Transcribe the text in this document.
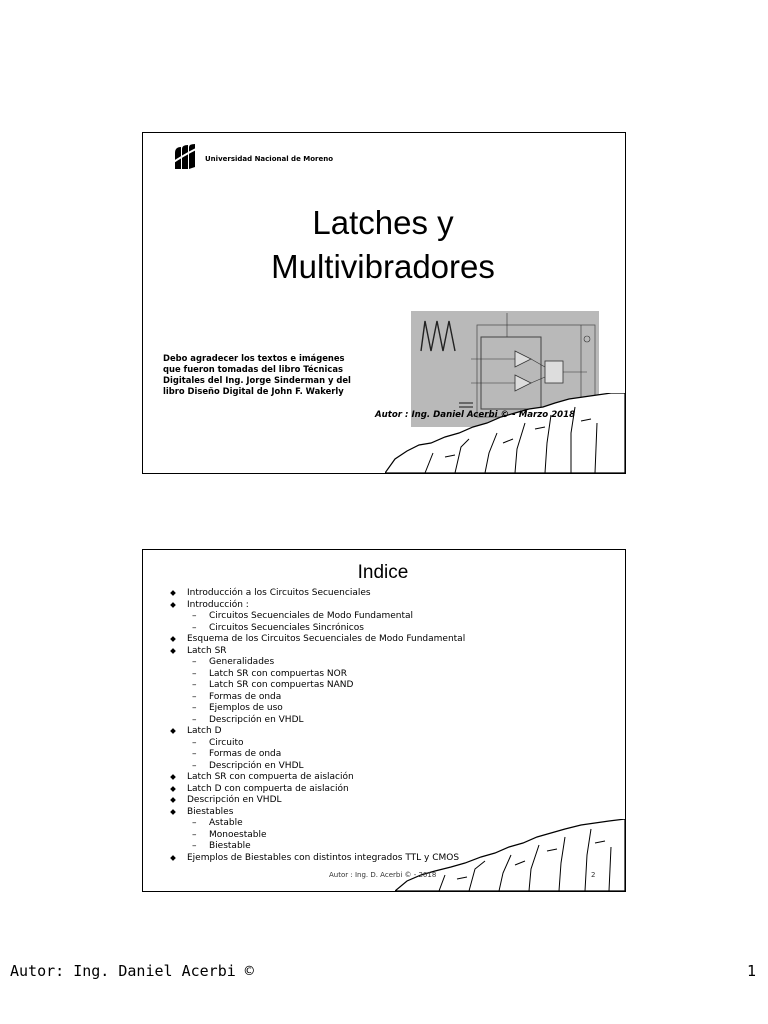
Universidad Nacional de Moreno
Latches y
Multivibradores
Debo agradecer los textos e imágenes
que fueron tomadas del libro Técnicas
Digitales del Ing. Jorge Sinderman y del
libro Diseño Digital de John F. Wakerly
Autor : Ing. Daniel Acerbi © - Marzo 2018
Indice
Introducción a los Circuitos Secuenciales
Introducción :
– Circuitos Secuenciales de Modo Fundamental
– Circuitos Secuenciales Sincrónicos
Esquema de los Circuitos Secuenciales de Modo Fundamental
Latch SR
– Generalidades
– Latch SR con compuertas NOR
– Latch SR con compuertas NAND
– Formas de onda
– Ejemplos de uso
– Descripción en VHDL
Latch D
– Circuito
– Formas de onda
– Descripción en VHDL
Latch SR con compuerta de aislación
Latch D con compuerta de aislación
Descripción en VHDL
Biestables
– Astable
– Monoestable
– Biestable
Ejemplos de Biestables con distintos integrados TTL y CMOS
Autor : Ing. D. Acerbi © - 2018	2
Autor: Ing. Daniel Acerbi ©	1
